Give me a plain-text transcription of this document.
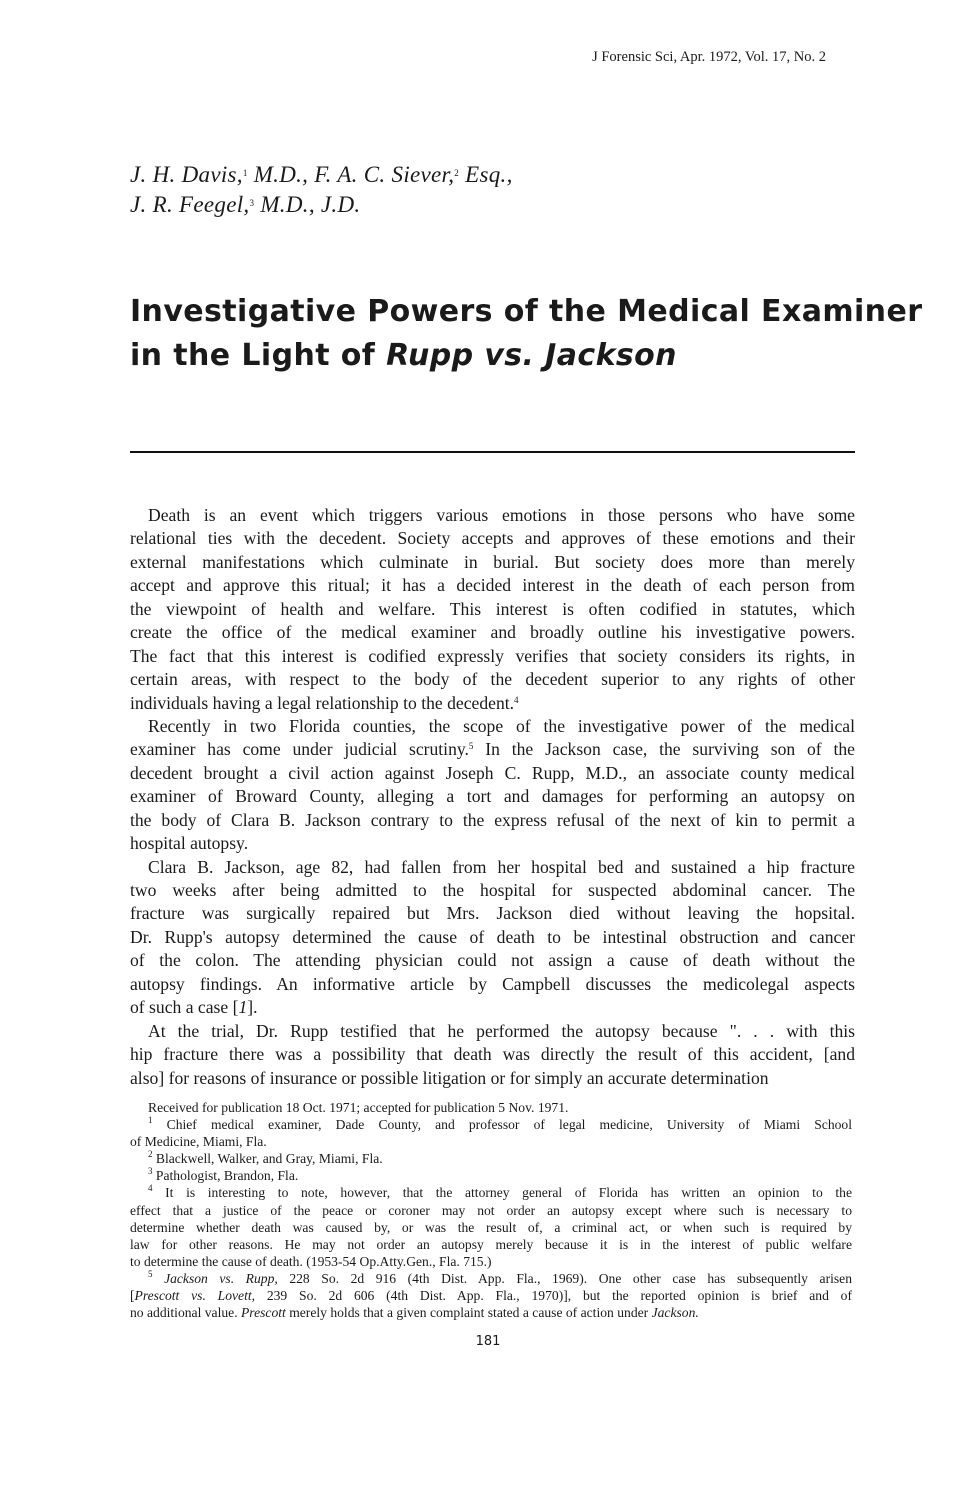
J Forensic Sci, Apr. 1972, Vol. 17, No. 2
J. H. Davis,$^1$ M.D., F. A. C. Siever,$^2$ Esq.,
J. R. Feegel,$^3$ M.D., J.D.
Investigative Powers of the Medical Examiner
in the Light of Rupp vs. Jackson
Death is an event which triggers various emotions in those persons who have some
relational ties with the decedent. Society accepts and approves of these emotions and their
external manifestations which culminate in burial. But society does more than merely
accept and approve this ritual; it has a decided interest in the death of each person from
the viewpoint of health and welfare. This interest is often codified in statutes, which
create the office of the medical examiner and broadly outline his investigative powers.
The fact that this interest is codified expressly verifies that society considers its rights, in
certain areas, with respect to the body of the decedent superior to any rights of other
individuals having a legal relationship to the decedent.$^4$
Recently in two Florida counties, the scope of the investigative power of the medical
examiner has come under judicial scrutiny.$^5$ In the Jackson case, the surviving son of the
decedent brought a civil action against Joseph C. Rupp, M.D., an associate county medical
examiner of Broward County, alleging a tort and damages for performing an autopsy on
the body of Clara B. Jackson contrary to the express refusal of the next of kin to permit a
hospital autopsy.
Clara B. Jackson, age 82, had fallen from her hospital bed and sustained a hip fracture
two weeks after being admitted to the hospital for suspected abdominal cancer. The
fracture was surgically repaired but Mrs. Jackson died without leaving the hopsital.
Dr. Rupp's autopsy determined the cause of death to be intestinal obstruction and cancer
of the colon. The attending physician could not assign a cause of death without the
autopsy findings. An informative article by Campbell discusses the medicolegal aspects
of such a case [1].
At the trial, Dr. Rupp testified that he performed the autopsy because ". . . with this
hip fracture there was a possibility that death was directly the result of this accident, [and
also] for reasons of insurance or possible litigation or for simply an accurate determination
Received for publication 18 Oct. 1971; accepted for publication 5 Nov. 1971.
$^1$ Chief medical examiner, Dade County, and professor of legal medicine, University of Miami School
of Medicine, Miami, Fla.
$^2$ Blackwell, Walker, and Gray, Miami, Fla.
$^3$ Pathologist, Brandon, Fla.
$^4$ It is interesting to note, however, that the attorney general of Florida has written an opinion to the
effect that a justice of the peace or coroner may not order an autopsy except where such is necessary to
determine whether death was caused by, or was the result of, a criminal act, or when such is required by
law for other reasons. He may not order an autopsy merely because it is in the interest of public welfare
to determine the cause of death. (1953-54 Op.Atty.Gen., Fla. 715.)
$^5$ Jackson vs. Rupp, 228 So. 2d 916 (4th Dist. App. Fla., 1969). One other case has subsequently arisen
[Prescott vs. Lovett, 239 So. 2d 606 (4th Dist. App. Fla., 1970)], but the reported opinion is brief and of
no additional value. Prescott merely holds that a given complaint stated a cause of action under Jackson.
181
